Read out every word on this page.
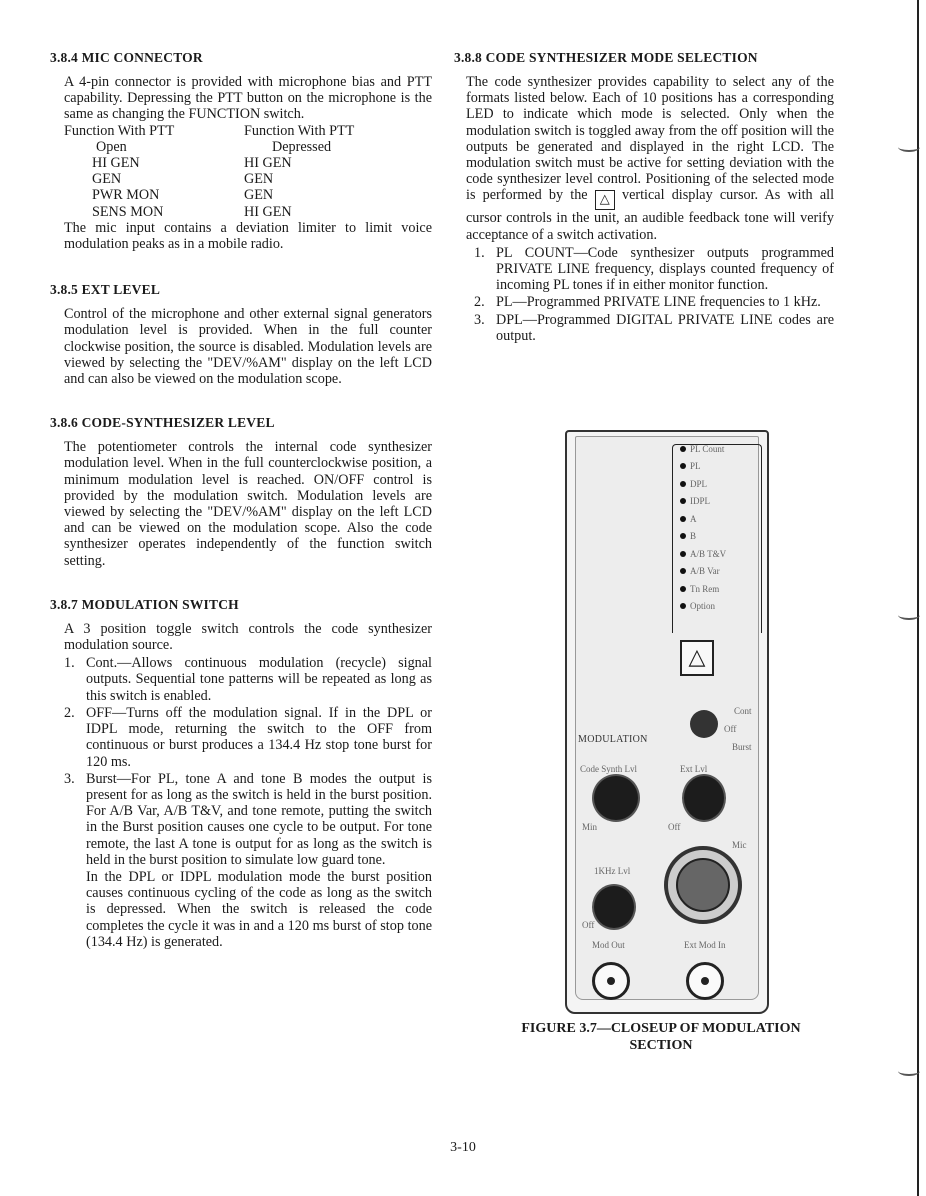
3.8.4 MIC CONNECTOR

A 4-pin connector is provided with microphone bias and PTT capability. Depressing the PTT button on the microphone is the same as changing the FUNCTION switch.

Function With PTT	Function With PTT
Open	Depressed
HI GEN	HI GEN
GEN	GEN
PWR MON	GEN
SENS MON	HI GEN

The mic input contains a deviation limiter to limit voice modulation peaks as in a mobile radio.

3.8.5 EXT LEVEL

Control of the microphone and other external signal generators modulation level is provided. When in the full counter clockwise position, the source is disabled. Modulation levels are viewed by selecting the "DEV/%AM" display on the left LCD and can also be viewed on the modulation scope.

3.8.6 CODE-SYNTHESIZER LEVEL

The potentiometer controls the internal code synthesizer modulation level. When in the full counterclockwise position, a minimum modulation level is reached. ON/OFF control is provided by the modulation switch. Modulation levels are viewed by selecting the "DEV/%AM" display on the left LCD and can be viewed on the modulation scope. Also the code synthesizer operates independently of the function switch setting.

3.8.7 MODULATION SWITCH

A 3 position toggle switch controls the code synthesizer modulation source.

1. Cont.—Allows continuous modulation (recycle) signal outputs. Sequential tone patterns will be repeated as long as this switch is enabled.
2. OFF—Turns off the modulation signal. If in the DPL or IDPL mode, returning the switch to the OFF from continuous or burst produces a 134.4 Hz stop tone burst for 120 ms.
3. Burst—For PL, tone A and tone B modes the output is present for as long as the switch is held in the burst position. For A/B Var, A/B T&V, and tone remote, putting the switch in the Burst position causes one cycle to be output. For tone remote, the last A tone is output for as long as the switch is held in the burst position to simulate low guard tone.

In the DPL or IDPL modulation mode the burst position causes continuous cycling of the code as long as the switch is depressed. When the switch is released the code completes the cycle it was in and a 120 ms burst of stop tone (134.4 Hz) is generated.

3.8.8 CODE SYNTHESIZER MODE SELECTION

The code synthesizer provides capability to select any of the formats listed below. Each of 10 positions has a corresponding LED to indicate which mode is selected. Only when the modulation switch is toggled away from the off position will the outputs be generated and displayed in the right LCD. The modulation switch must be active for setting deviation with the code synthesizer level control. Positioning of the selected mode is performed by the △ vertical display cursor. As with all cursor controls in the unit, an audible feedback tone will verify acceptance of a switch activation.

1. PL COUNT—Code synthesizer outputs programmed PRIVATE LINE frequency, displays counted frequency of incoming PL tones if in either monitor function.
2. PL—Programmed PRIVATE LINE frequencies to 1 kHz.
3. DPL—Programmed DIGITAL PRIVATE LINE codes are output.
PL Count
PL
DPL
IDPL
A
B
A/B T&V
A/B Var
Tn Rem
Option
△
Cont
Off
Burst
MODULATION
Code Synth Lvl	Ext Lvl
Min	Off
Mic
1KHz Lvl
Off
Mod Out	Ext Mod In
FIGURE 3.7—CLOSEUP OF MODULATION
SECTION
3-10
